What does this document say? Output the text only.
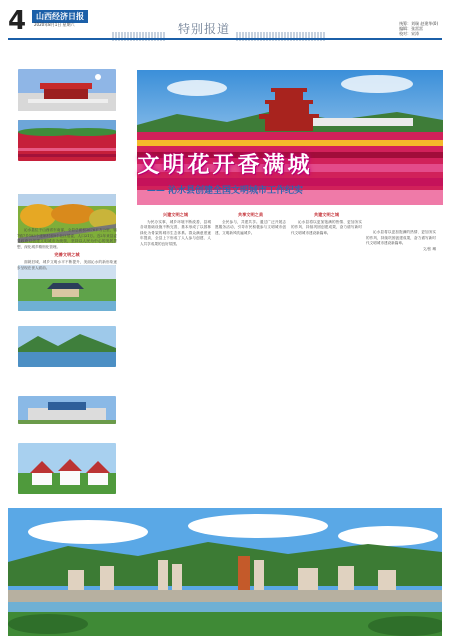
4	山西经济日报
2020年8月1日 星期六	特别报道	统筹：刘瑞 赵建华(0)
编辑：张雷雷
校对：宋涛
文明花开香满城
—— 沁水县创建全国文明城市工作纪实

沁水县位于山西省东南部，全县总面积2676平方公里，辖7镇7乡183个建制村和9个社区居委，人口21万。近2年来县委县政府以创建文明城市为统领，坚持以人民为中心的发展思想，深化城乡精细化管理。

完善文明之城

面貌旧城，城乡文明水平不断提升，美丽沁水的新形象逐步呈现在世人面前。

兴建文明之城

为民办实事，城乡环境不断改善，县城各项基础设施不断完善，基本形成了以园林绿化为骨架的城市生态体系。群众满意度逐年提高，全县上下形成了人人参与创建、人人共享成果的良好氛围。

共享文明之美

全民参与，共建共享。通过广泛开展志愿服务活动，引导市民积极参与文明城市创建，文明新风吹遍城乡。

共建文明之城

沁水县将以更加饱满的热情、更加务实的作风，持续巩固创建成果，奋力谱写新时代文明城市建设新篇章。	沁水县将以更加饱满的热情、更加务实的作风，持续巩固创建成果，奋力谱写新时代文明城市建设新篇章。

文/张 琳
